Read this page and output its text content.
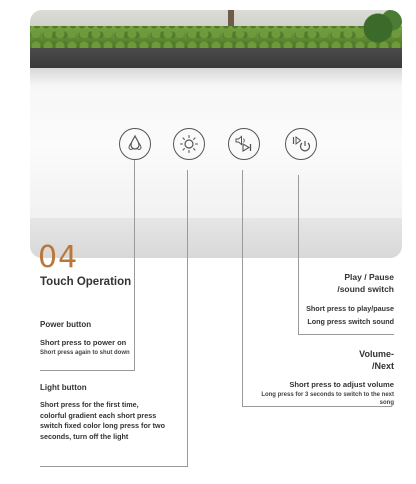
04
Touch Operation
Power button
Short press to power on
Short press again to shut down
Light button
Short press for the first time,
colorful gradient each short press
switch fixed color long press for two
seconds, turn off the light
Play / Pause
/sound switch
Short press to play/pause
Long press switch sound
Volume-
/Next
Short press to adjust volume
Long press for 3 seconds to switch to the next
song
